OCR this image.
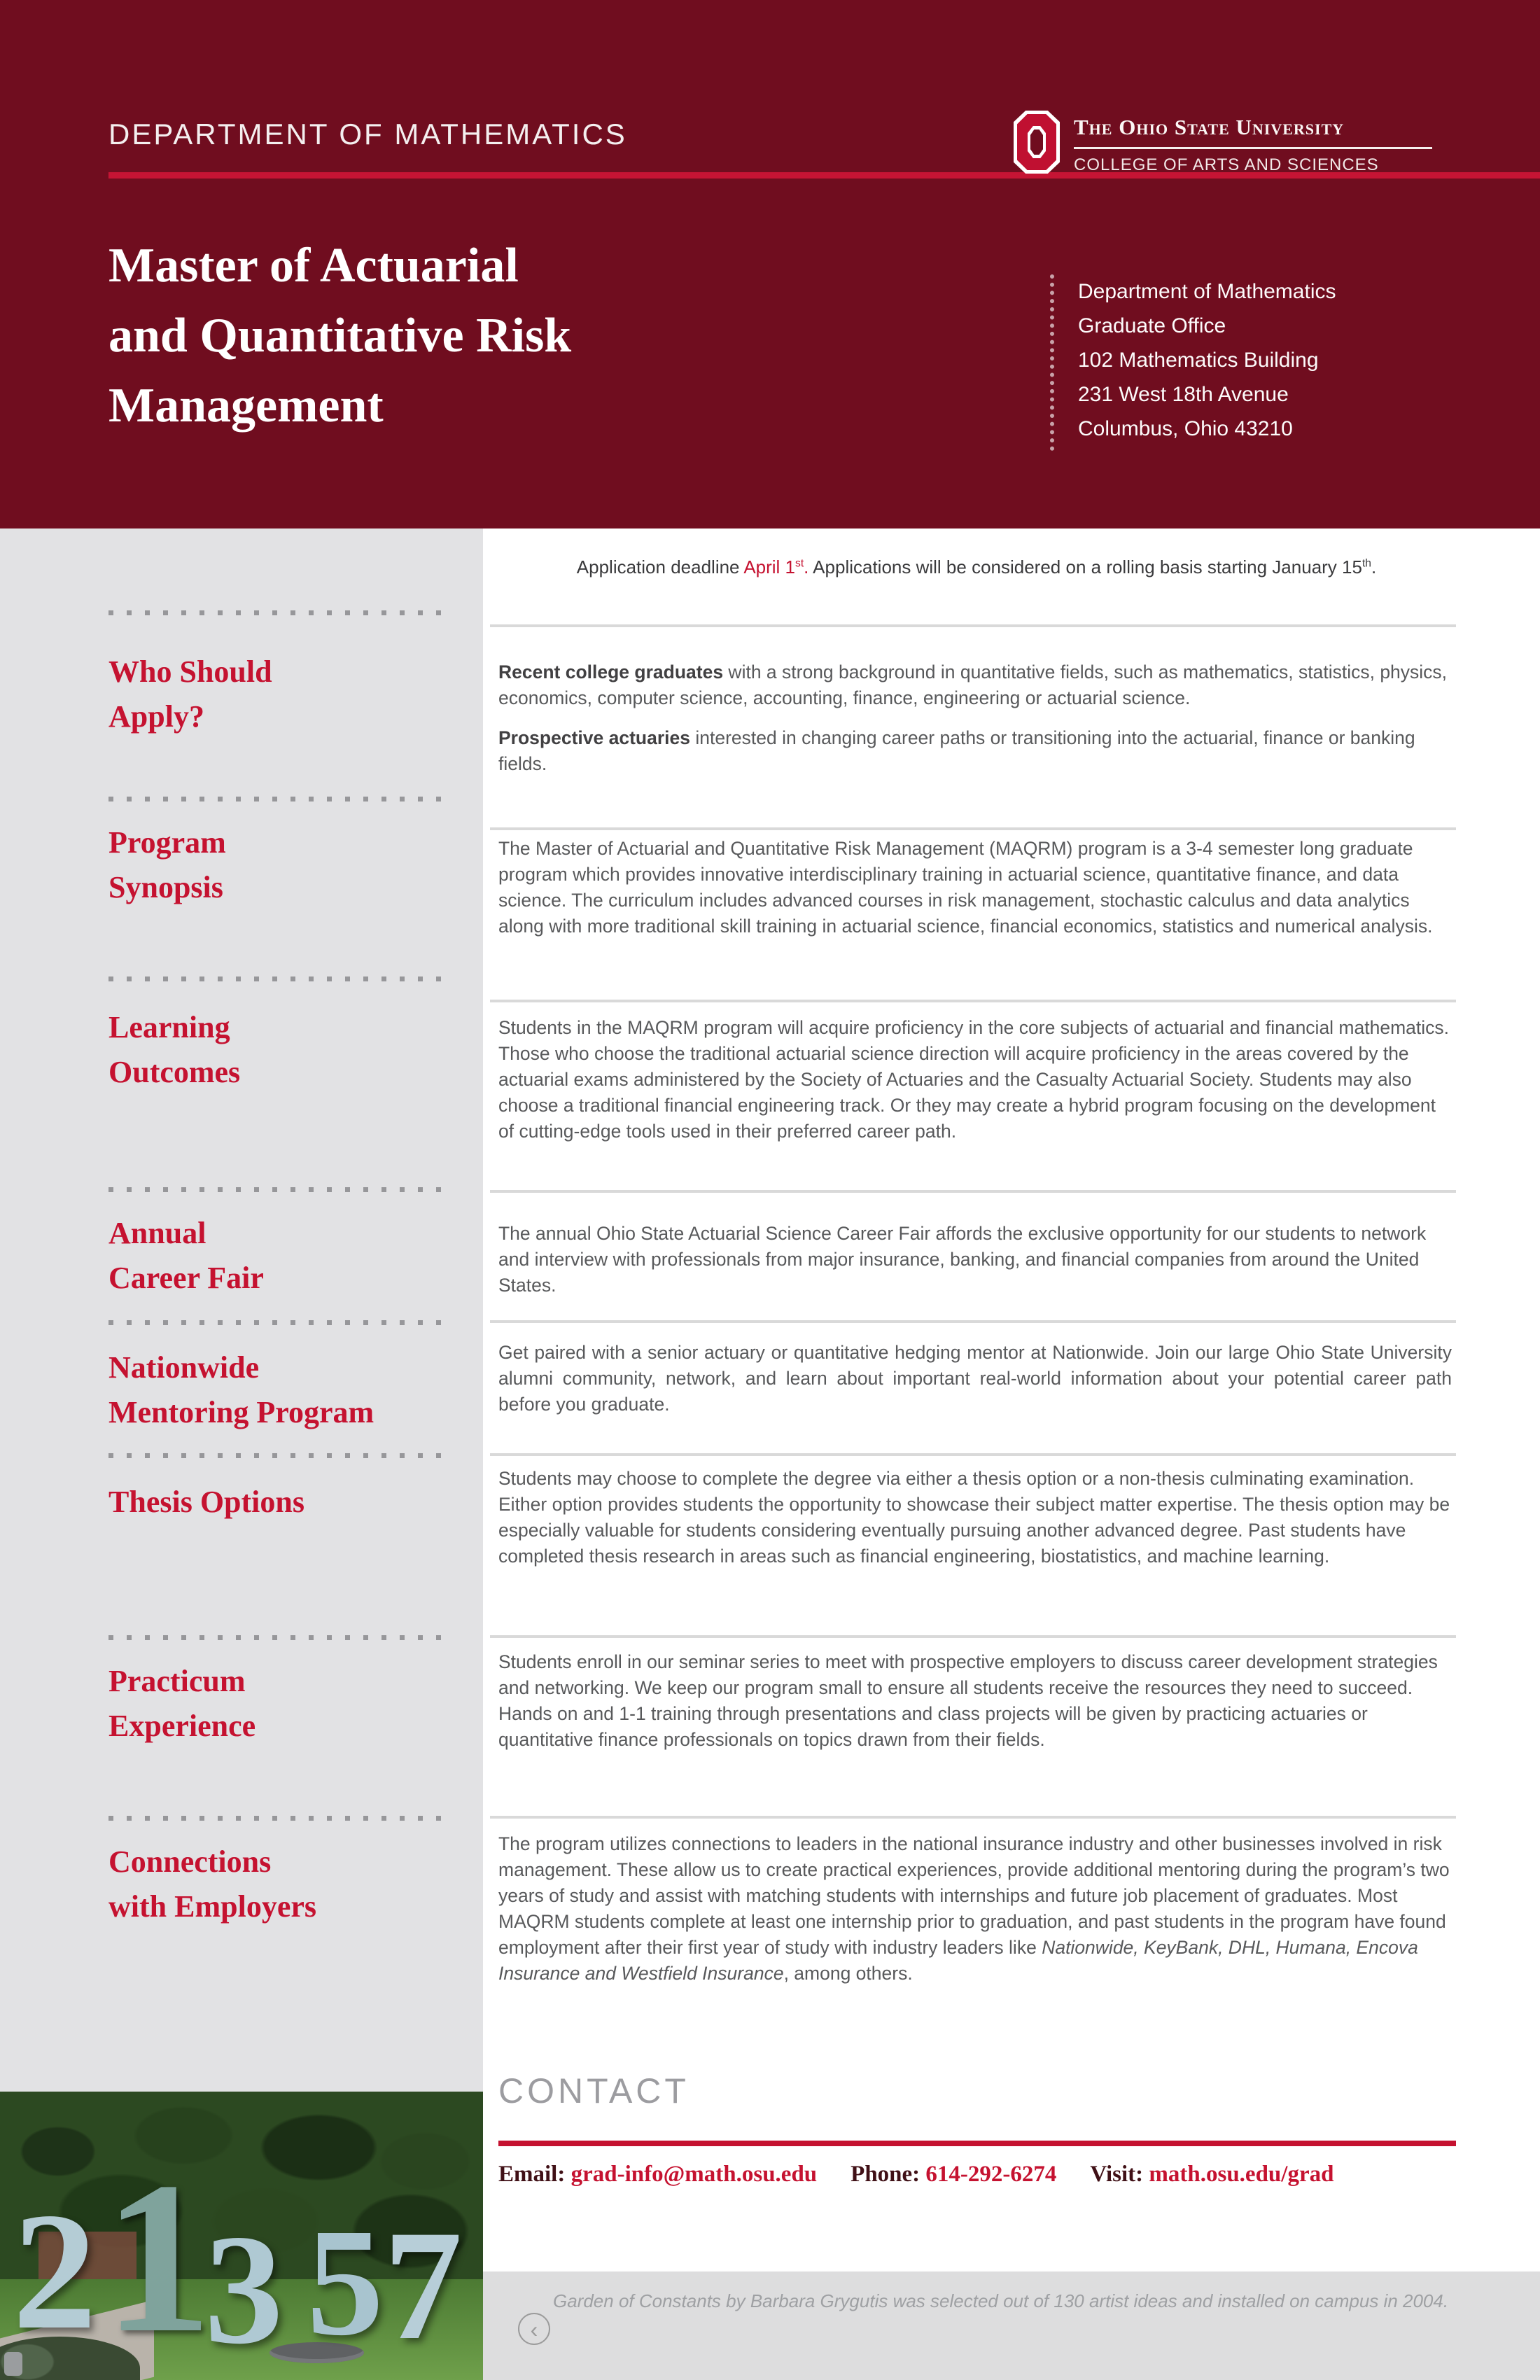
DEPARTMENT OF MATHEMATICS	The Ohio State University
COLLEGE OF ARTS AND SCIENCES
Master of Actuarial
and Quantitative Risk
Management
Department of Mathematics
Graduate Office
102 Mathematics Building
231 West 18th Avenue
Columbus, Ohio 43210
Who Should
Apply?
Program
Synopsis
Learning
Outcomes
Annual
Career Fair
Nationwide
Mentoring Program
Thesis Options
Practicum
Experience
Connections
with Employers
Application deadline April 1st. Applications will be considered on a rolling basis starting January 15th.
Recent college graduates with a strong background in quantitative fields, such as mathematics, statistics, physics, economics, computer science, accounting, finance, engineering or actuarial science.
Prospective actuaries interested in changing career paths or transitioning into the actuarial, finance or banking fields.
The Master of Actuarial and Quantitative Risk Management (MAQRM) program is a 3-4 semester long graduate program which provides innovative interdisciplinary training in actuarial science, quantitative finance, and data science. The curriculum includes advanced courses in risk management, stochastic calculus and data analytics along with more traditional skill training in actuarial science, financial economics, statistics and numerical analysis.
Students in the MAQRM program will acquire proficiency in the core subjects of actuarial and financial mathematics. Those who choose the traditional actuarial science direction will acquire proficiency in the areas covered by the actuarial exams administered by the Society of Actuaries and the Casualty Actuarial Society. Students may also choose a traditional financial engineering track. Or they may create a hybrid program focusing on the development of cutting-edge tools used in their preferred career path.
The annual Ohio State Actuarial Science Career Fair affords the exclusive opportunity for our students to network and interview with professionals from major insurance, banking, and financial companies from around the United States.
Get paired with a senior actuary or quantitative hedging mentor at Nationwide. Join our large Ohio State University alumni community, network, and learn about important real-world information about your potential career path before you graduate.
Students may choose to complete the degree via either a thesis option or a non-thesis culminating examination. Either option provides students the opportunity to showcase their subject matter expertise. The thesis option may be especially valuable for students considering eventually pursuing another advanced degree. Past students have completed thesis research in areas such as financial engineering, biostatistics, and machine learning.
Students enroll in our seminar series to meet with prospective employers to discuss career development strategies and networking. We keep our program small to ensure all students receive the resources they need to succeed. Hands on and 1-1 training through presentations and class projects will be given by practicing actuaries or quantitative finance professionals on topics drawn from their fields.
The program utilizes connections to leaders in the national insurance industry and other businesses involved in risk management. These allow us to create practical experiences, provide additional mentoring during the program’s two years of study and assist with matching students with internships and future job placement of graduates. Most MAQRM students complete at least one internship prior to graduation, and past students in the program have found employment after their first year of study with industry leaders like Nationwide, KeyBank, DHL, Humana, Encova Insurance and Westfield Insurance, among others.
CONTACT
Email: grad-info@math.osu.edu Phone: 614-292-6274 Visit: math.osu.edu/grad
2 1
3 5 7	Garden of Constants by Barbara Grygutis was selected out of 130 artist ideas and installed on campus in 2004.
‹
